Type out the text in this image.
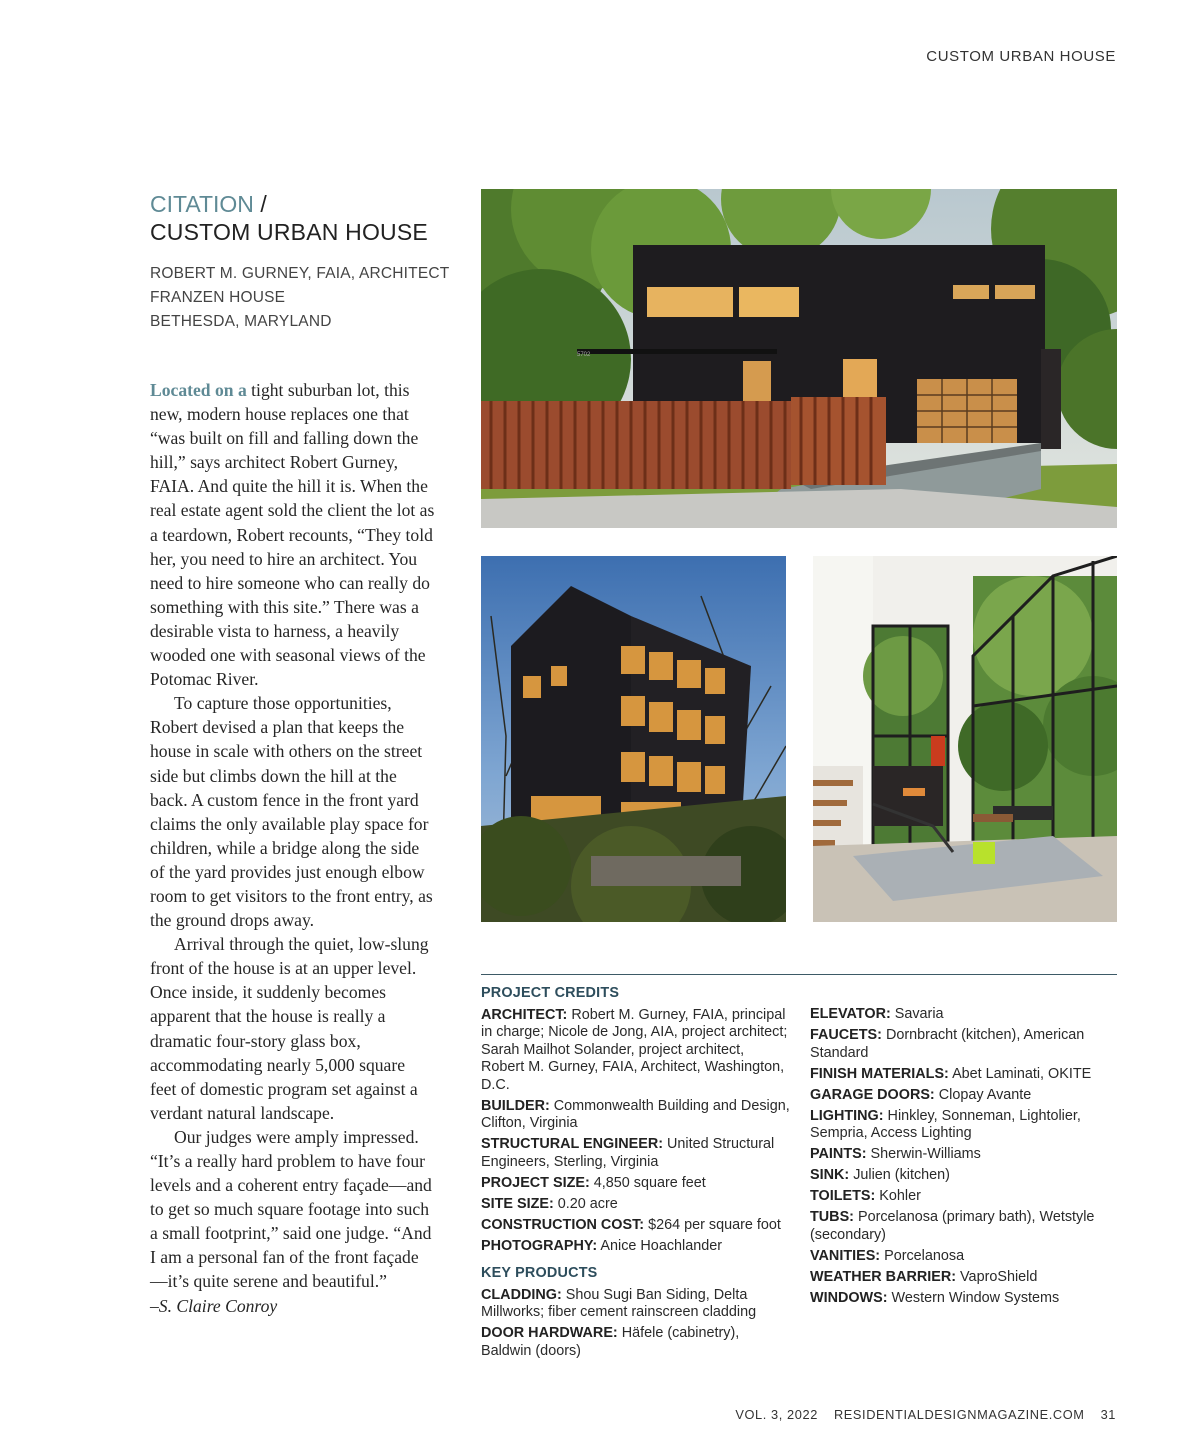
CUSTOM URBAN HOUSE
CITATION /
CUSTOM URBAN HOUSE
ROBERT M. GURNEY, FAIA, ARCHITECT
FRANZEN HOUSE
BETHESDA, MARYLAND

Located on a tight suburban lot, this new, modern house replaces one that “was built on fill and falling down the hill,” says architect Robert Gurney, FAIA. And quite the hill it is. When the real estate agent sold the client the lot as a teardown, Robert recounts, “They told her, you need to hire an architect. You need to hire someone who can really do something with this site.” There was a desirable vista to harness, a heavily wooded one with seasonal views of the Potomac River.

To capture those opportunities, Robert devised a plan that keeps the house in scale with others on the street side but climbs down the hill at the back. A custom fence in the front yard claims the only available play space for children, while a bridge along the side of the yard provides just enough elbow room to get visitors to the front entry, as the ground drops away.

Arrival through the quiet, low-slung front of the house is at an upper level. Once inside, it suddenly becomes apparent that the house is really a dramatic four-story glass box, accommodating nearly 5,000 square feet of domestic program set against a verdant natural landscape.

Our judges were amply impressed. “It’s a really hard problem to have four levels and a coherent entry façade—and to get so much square footage into such a small footprint,” said one judge. “And I am a personal fan of the front façade—it’s quite serene and beautiful.”

–S. Claire Conroy
5702
PROJECT CREDITS
ARCHITECT: Robert M. Gurney, FAIA, principal in charge; Nicole de Jong, AIA, project architect; Sarah Mailhot Solander, project architect, Robert M. Gurney, FAIA, Architect, Washington, D.C.
BUILDER: Commonwealth Building and Design, Clifton, Virginia
STRUCTURAL ENGINEER: United Structural Engineers, Sterling, Virginia
PROJECT SIZE: 4,850 square feet
SITE SIZE: 0.20 acre
CONSTRUCTION COST: $264 per square foot
PHOTOGRAPHY: Anice Hoachlander
KEY PRODUCTS
CLADDING: Shou Sugi Ban Siding, Delta Millworks; fiber cement rainscreen cladding
DOOR HARDWARE: Häfele (cabinetry), Baldwin (doors)
ELEVATOR: Savaria
FAUCETS: Dornbracht (kitchen), American Standard
FINISH MATERIALS: Abet Laminati, OKITE
GARAGE DOORS: Clopay Avante
LIGHTING: Hinkley, Sonneman, Lightolier, Sempria, Access Lighting
PAINTS: Sherwin-Williams
SINK: Julien (kitchen)
TOILETS: Kohler
TUBS: Porcelanosa (primary bath), Wetstyle (secondary)
VANITIES: Porcelanosa
WEATHER BARRIER: VaproShield
WINDOWS: Western Window Systems
VOL. 3, 2022 RESIDENTIALDESIGNMAGAZINE.COM 31
